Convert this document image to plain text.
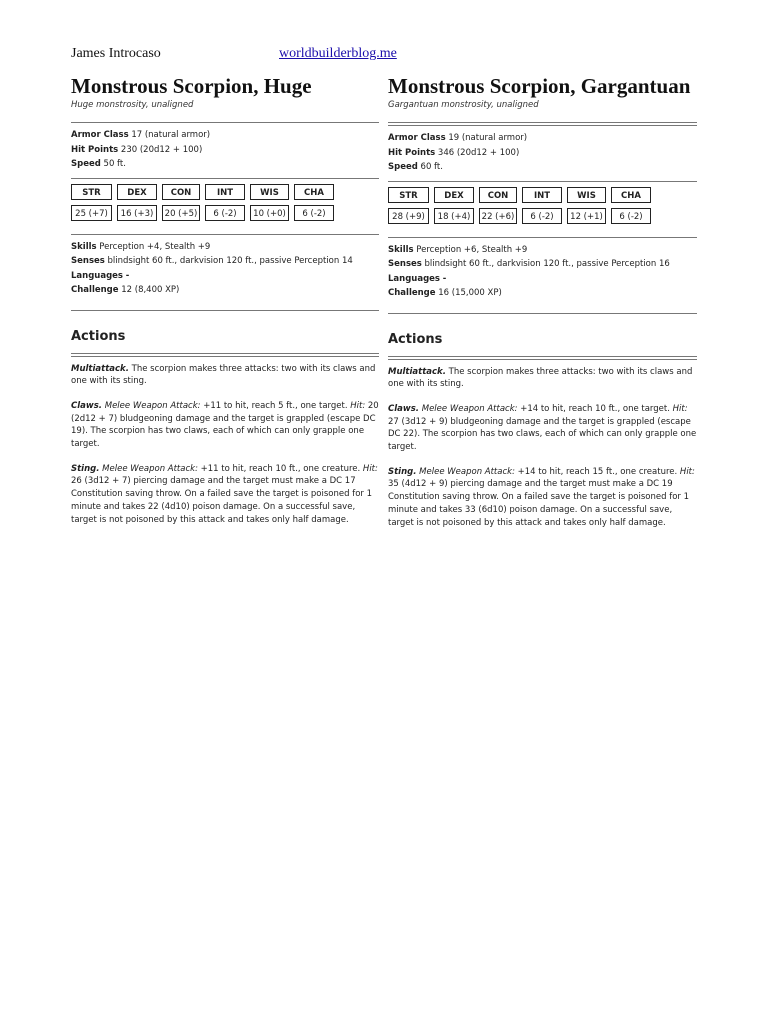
James Introcaso	worldbuilderblog.me
Monstrous Scorpion, Huge
Huge monstrosity, unaligned
Armor Class 17 (natural armor)
Hit Points 230 (20d12 + 100)
Speed 50 ft.
STR	DEX	CON	INT	WIS	CHA
25 (+7)	16 (+3)	20 (+5)	6 (-2)	10 (+0)	6 (-2)
Skills Perception +4, Stealth +9
Senses blindsight 60 ft., darkvision 120 ft., passive Perception 14
Languages -
Challenge 12 (8,400 XP)
Actions
Multiattack. The scorpion makes three attacks: two with its claws and one with its sting.
Claws. Melee Weapon Attack: +11 to hit, reach 5 ft., one target. Hit: 20 (2d12 + 7) bludgeoning damage and the target is grappled (escape DC 19). The scorpion has two claws, each of which can only grapple one target.
Sting. Melee Weapon Attack: +11 to hit, reach 10 ft., one creature. Hit: 26 (3d12 + 7) piercing damage and the target must make a DC 17 Constitution saving throw. On a failed save the target is poisoned for 1 minute and takes 22 (4d10) poison damage. On a successful save, target is not poisoned by this attack and takes only half damage.
Monstrous Scorpion, Gargantuan
Gargantuan monstrosity, unaligned
Armor Class 19 (natural armor)
Hit Points 346 (20d12 + 100)
Speed 60 ft.
STR	DEX	CON	INT	WIS	CHA
28 (+9)	18 (+4)	22 (+6)	6 (-2)	12 (+1)	6 (-2)
Skills Perception +6, Stealth +9
Senses blindsight 60 ft., darkvision 120 ft., passive Perception 16
Languages -
Challenge 16 (15,000 XP)
Actions
Multiattack. The scorpion makes three attacks: two with its claws and one with its sting.
Claws. Melee Weapon Attack: +14 to hit, reach 10 ft., one target. Hit: 27 (3d12 + 9) bludgeoning damage and the target is grappled (escape DC 22). The scorpion has two claws, each of which can only grapple one target.
Sting. Melee Weapon Attack: +14 to hit, reach 15 ft., one creature. Hit: 35 (4d12 + 9) piercing damage and the target must make a DC 19 Constitution saving throw. On a failed save the target is poisoned for 1 minute and takes 33 (6d10) poison damage. On a successful save, target is not poisoned by this attack and takes only half damage.
